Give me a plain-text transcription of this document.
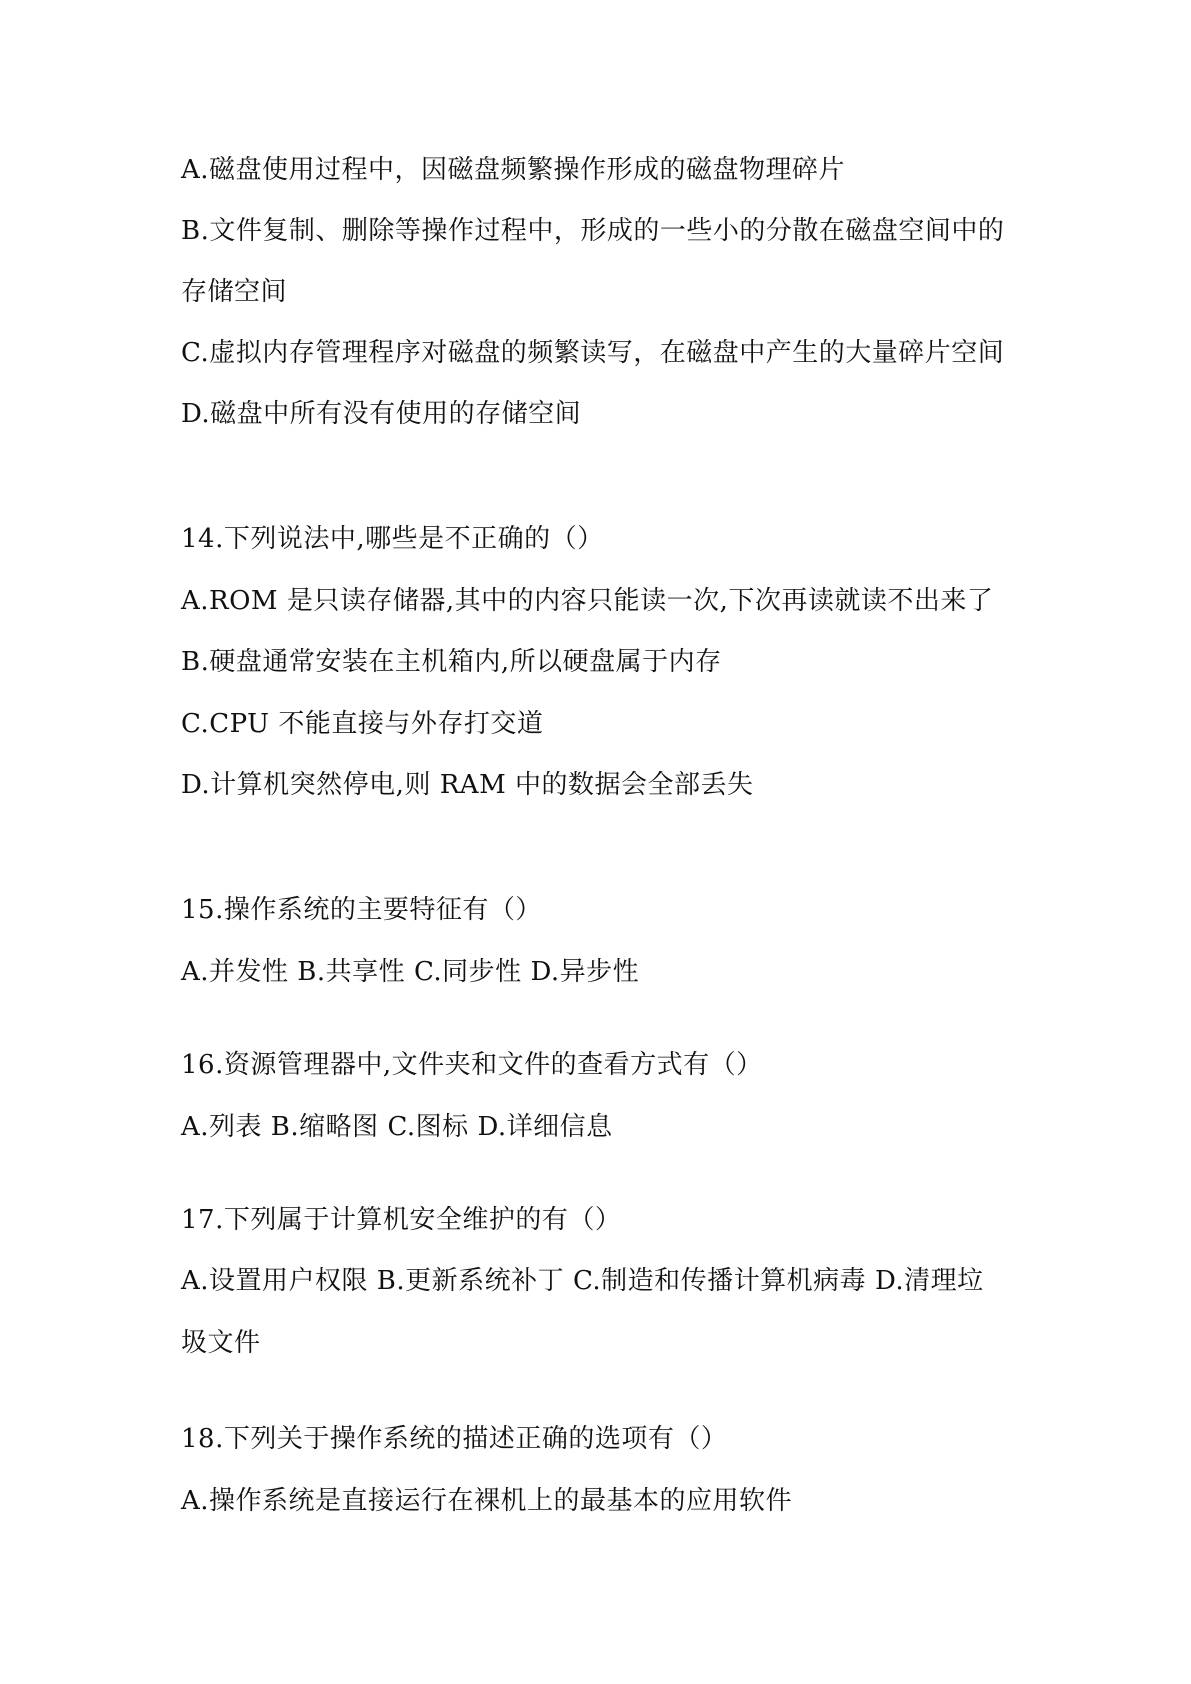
A.磁盘使用过程中，因磁盘频繁操作形成的磁盘物理碎片
B.文件复制、删除等操作过程中，形成的一些小的分散在磁盘空间中的
存储空间
C.虚拟内存管理程序对磁盘的频繁读写，在磁盘中产生的大量碎片空间
D.磁盘中所有没有使用的存储空间
14.下列说法中,哪些是不正确的（）
A.ROM 是只读存储器,其中的内容只能读一次,下次再读就读不出来了
B.硬盘通常安装在主机箱内,所以硬盘属于内存
C.CPU 不能直接与外存打交道
D.计算机突然停电,则 RAM 中的数据会全部丢失
15.操作系统的主要特征有（）
A.并发性 B.共享性 C.同步性 D.异步性
16.资源管理器中,文件夹和文件的查看方式有（）
A.列表 B.缩略图 C.图标 D.详细信息
17.下列属于计算机安全维护的有（）
A.设置用户权限 B.更新系统补丁 C.制造和传播计算机病毒 D.清理垃
圾文件
18.下列关于操作系统的描述正确的选项有（）
A.操作系统是直接运行在裸机上的最基本的应用软件
